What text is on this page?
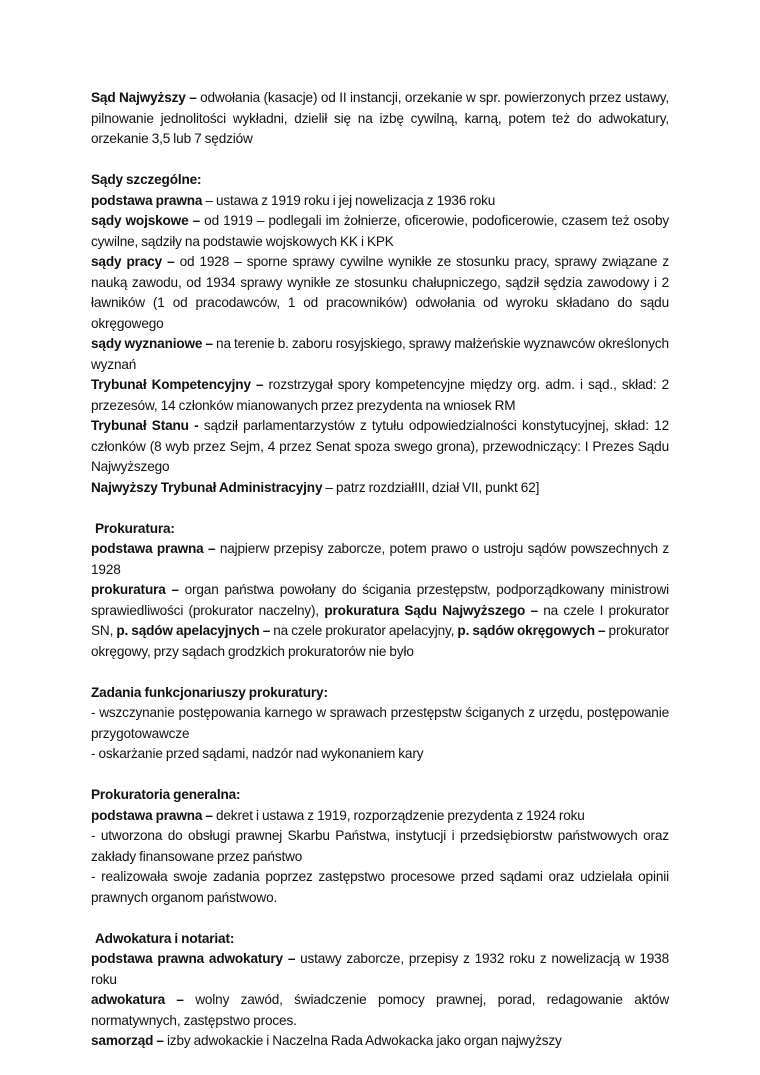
Sąd Najwyższy – odwołania (kasacje) od II instancji, orzekanie w spr. powierzonych przez ustawy, pilnowanie jednolitości wykładni, dzielił się na izbę cywilną, karną, potem też do adwokatury, orzekanie 3,5 lub 7 sędziów

Sądy szczególne:

podstawa prawna – ustawa z 1919 roku i jej nowelizacja z 1936 roku

sądy wojskowe – od 1919 – podlegali im żołnierze, oficerowie, podoficerowie, czasem też osoby cywilne, sądziły na podstawie wojskowych KK i KPK

sądy pracy – od 1928 – sporne sprawy cywilne wynikłe ze stosunku pracy, sprawy związane z nauką zawodu, od 1934 sprawy wynikłe ze stosunku chałupniczego, sądził sędzia zawodowy i 2 ławników (1 od pracodawców, 1 od pracowników) odwołania od wyroku składano do sądu okręgowego

sądy wyznaniowe – na terenie b. zaboru rosyjskiego, sprawy małżeńskie wyznawców określonych wyznań

Trybunał Kompetencyjny – rozstrzygał spory kompetencyjne między org. adm. i sąd., skład: 2 przezesów, 14 członków mianowanych przez prezydenta na wniosek RM

Trybunał Stanu - sądził parlamentarzystów z tytułu odpowiedzialności konstytucyjnej, skład: 12 członków (8 wyb przez Sejm, 4 przez Senat spoza swego grona), przewodniczący: I Prezes Sądu Najwyższego

Najwyższy Trybunał Administracyjny – patrz rozdziałIII, dział VII, punkt 62]

Prokuratura:

podstawa prawna – najpierw przepisy zaborcze, potem prawo o ustroju sądów powszechnych z 1928

prokuratura – organ państwa powołany do ścigania przestępstw, podporządkowany ministrowi sprawiedliwości (prokurator naczelny), prokuratura Sądu Najwyższego – na czele I prokurator SN, p. sądów apelacyjnych – na czele prokurator apelacyjny, p. sądów okręgowych – prokurator okręgowy, przy sądach grodzkich prokuratorów nie było

Zadania funkcjonariuszy prokuratury:

- wszczynanie postępowania karnego w sprawach przestępstw ściganych z urzędu, postępowanie przygotowawcze

- oskarżanie przed sądami, nadzór nad wykonaniem kary

Prokuratoria generalna:

podstawa prawna – dekret i ustawa z 1919, rozporządzenie prezydenta z 1924 roku

- utworzona do obsługi prawnej Skarbu Państwa, instytucji i przedsiębiorstw państwowych oraz zakłady finansowane przez państwo

- realizowała swoje zadania poprzez zastępstwo procesowe przed sądami oraz udzielała opinii prawnych organom państwowo.

Adwokatura i notariat:

podstawa prawna adwokatury – ustawy zaborcze, przepisy z 1932 roku z nowelizacją w 1938 roku

adwokatura – wolny zawód, świadczenie pomocy prawnej, porad, redagowanie aktów normatywnych, zastępstwo proces.

samorząd – izby adwokackie i Naczelna Rada Adwokacka jako organ najwyższy
